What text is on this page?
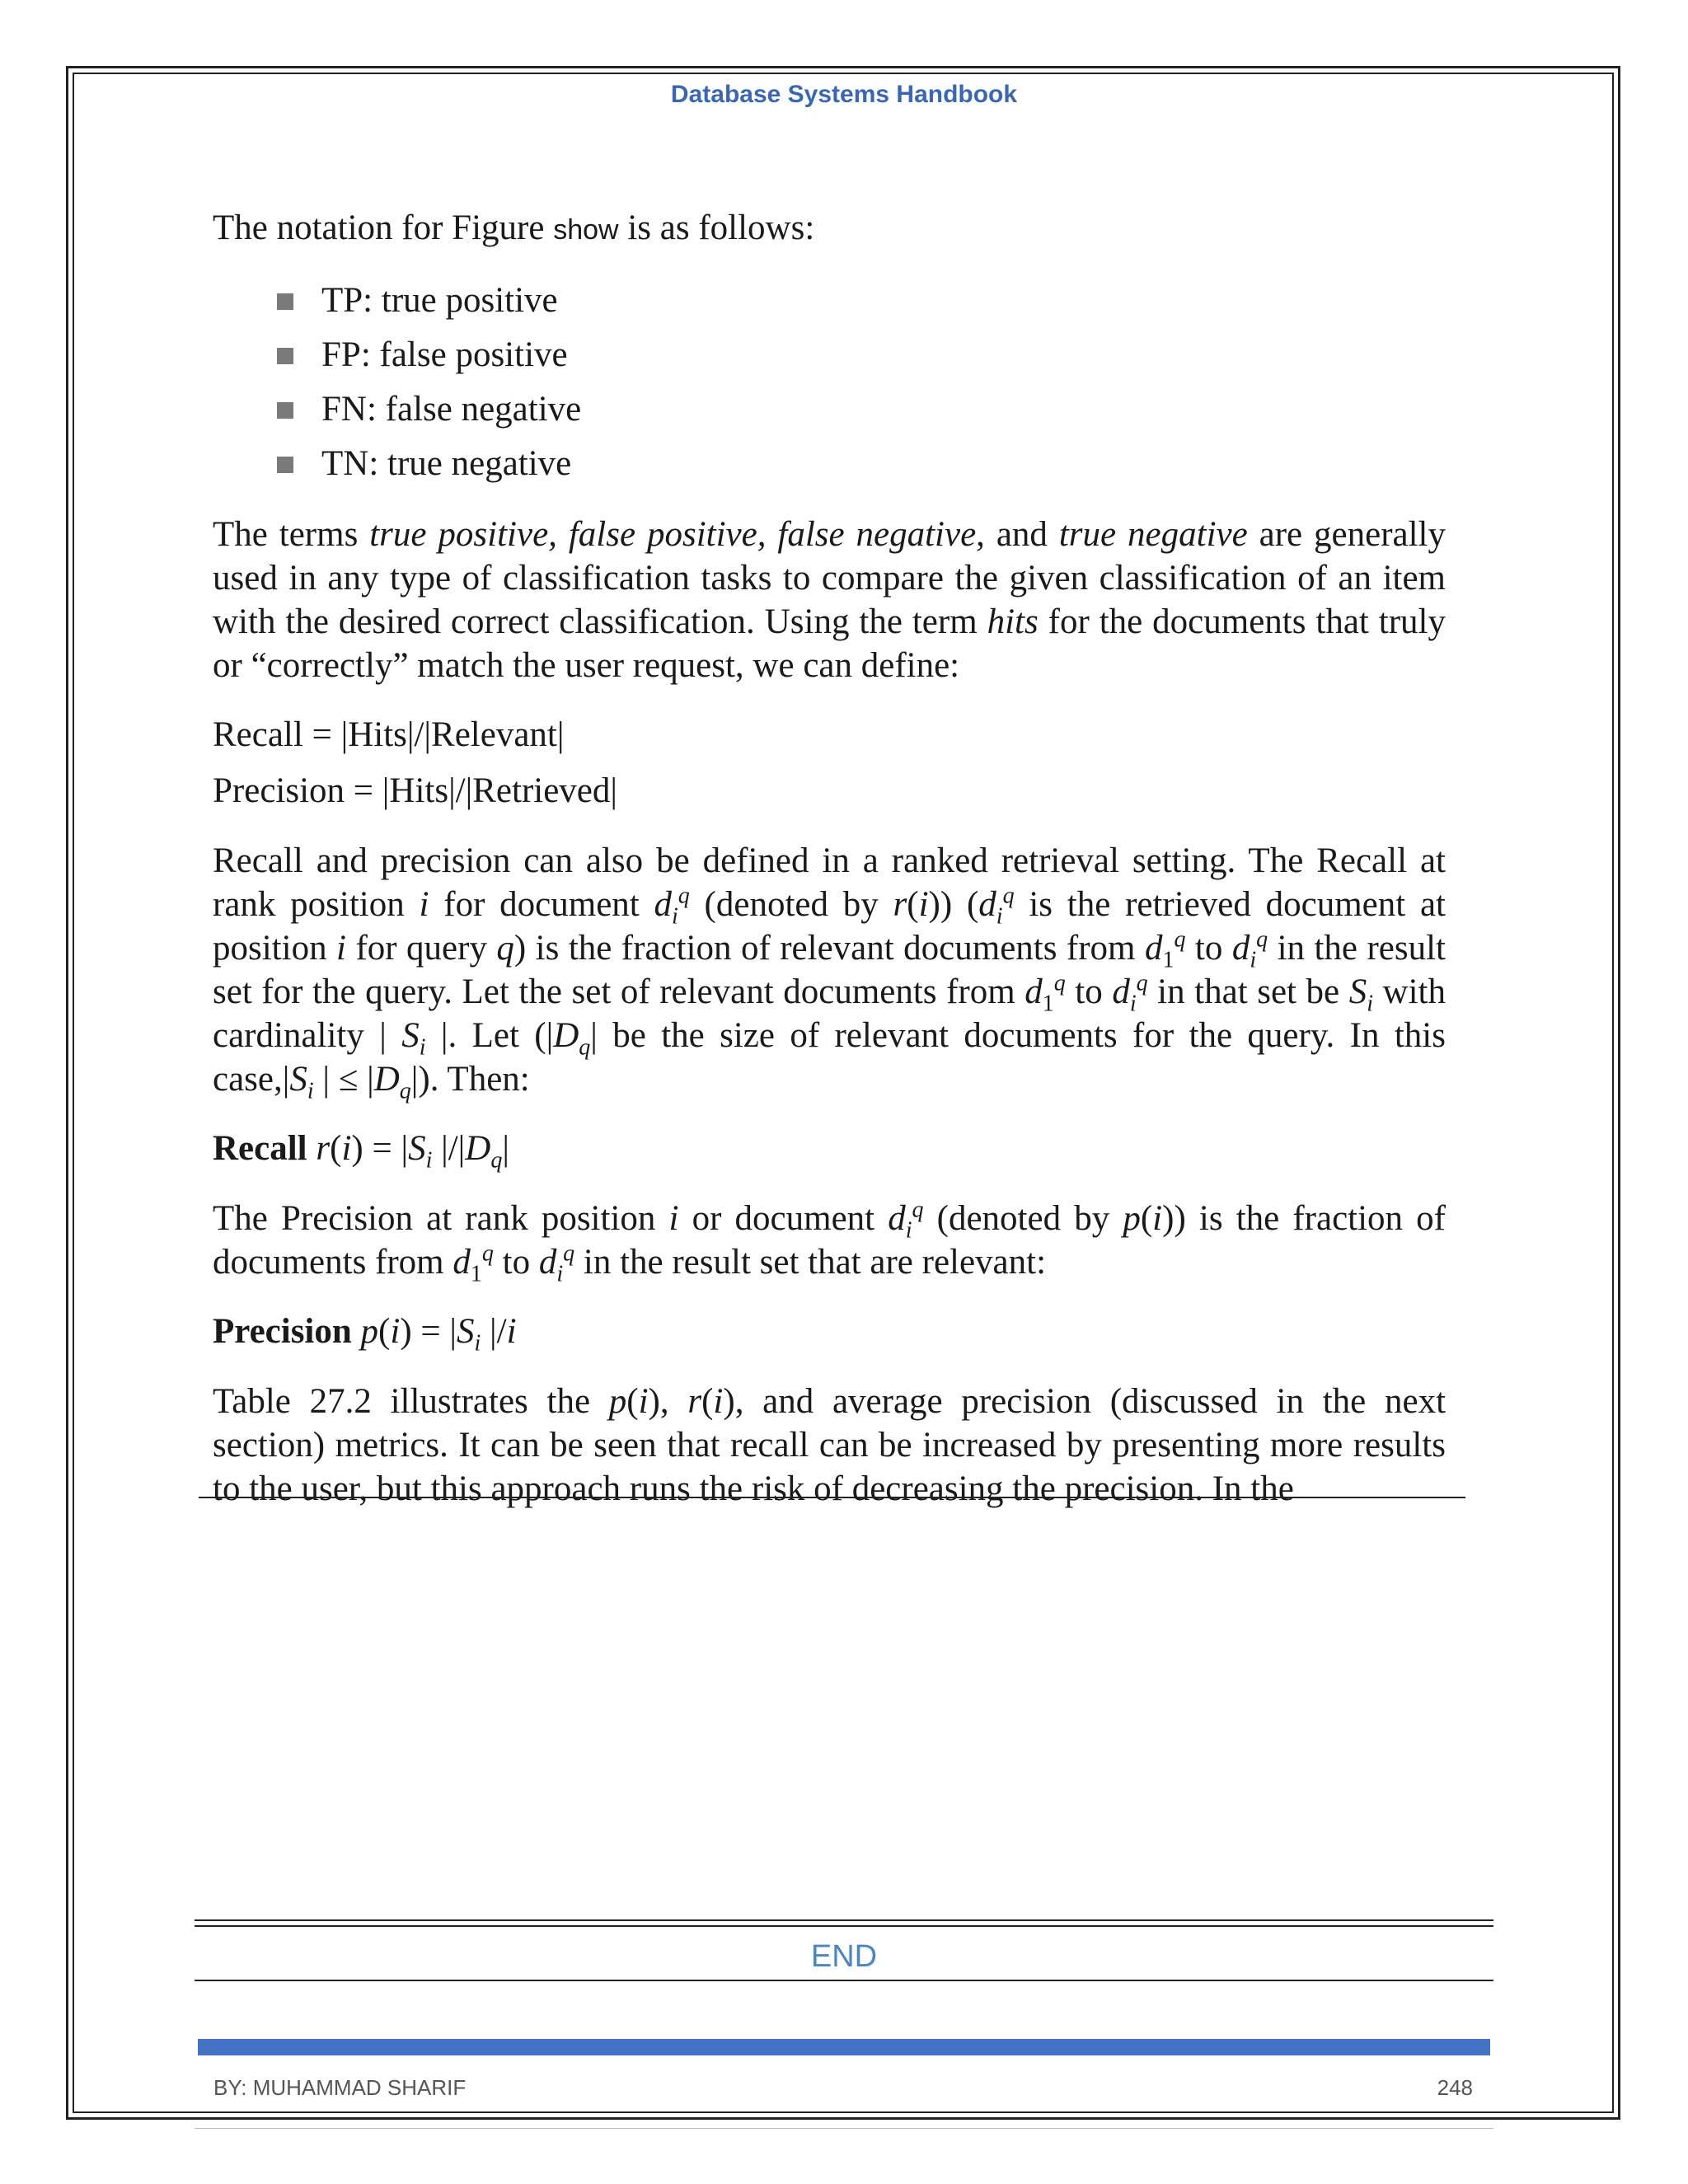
Database Systems Handbook

The notation for Figure show is as follows:

TP: true positive
FP: false positive
FN: false negative
TN: true negative

The terms true positive, false positive, false negative, and true negative are generally used in any type of classification tasks to compare the given classification of an item with the desired correct classification. Using the term hits for the documents that truly or “correctly” match the user request, we can define:

Recall = |Hits|/|Relevant|

Precision = |Hits|/|Retrieved|

Recall and precision can also be defined in a ranked retrieval setting. The Recall at rank position i for document $d_i^q$ (denoted by r(i)) ($d_i^q$ is the retrieved document at position i for query q) is the fraction of relevant documents from $d_1^q$ to $d_i^q$ in the result set for the query. Let the set of relevant documents from $d_1^q$ to $d_i^q$ in that set be $S_i$ with cardinality | $S_i$ |. Let ($|D_q|$ be the size of relevant documents for the query. In this $case,|S_i$ | ≤ $|D_q|$). Then:

Recall $r(i) = |S_i$ $|/|D_q|$

The Precision at rank position i or document $d_i^q$ (denoted by p(i)) is the fraction of documents from $d_1^q$ to $d_i^q$ in the result set that are relevant:

Precision $p(i) = |S_i$ |/i

Table 27.2 illustrates the p(i), r(i), and average precision (discussed in the next section) metrics. It can be seen that recall can be increased by presenting more results to the user, but this approach runs the risk of decreasing the precision. In the

END
BY: MUHAMMAD SHARIF	248
